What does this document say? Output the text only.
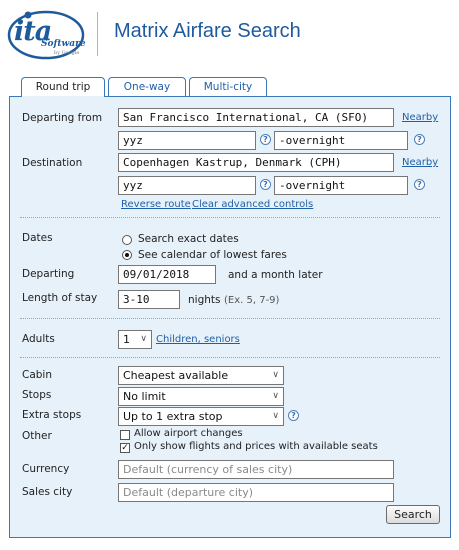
ita
Software
by Google
Matrix Airfare Search
Round trip	One-way	Multi-city
Departing from	San Francisco International, CA (SFO)	Nearby
yyz	?	-overnight	?
Destination	Copenhagen Kastrup, Denmark (CPH)	Nearby
yyz	?	-overnight	?
Reverse route Clear advanced controls
Dates	Search exact dates
See calendar of lowest fares
Departing	09/01/2018	and a month later
Length of stay	3-10	nights (Ex. 5, 7-9)
Adults	1 ∨ Children, seniors
Cabin	Cheapest available	∨
Stops	No limit	∨
Extra stops	Up to 1 extra stop	∨	?
Other	Allow airport changes
✓ Only show flights and prices with available seats
Currency	Default (currency of sales city)
Sales city	Default (departure city)
Search
